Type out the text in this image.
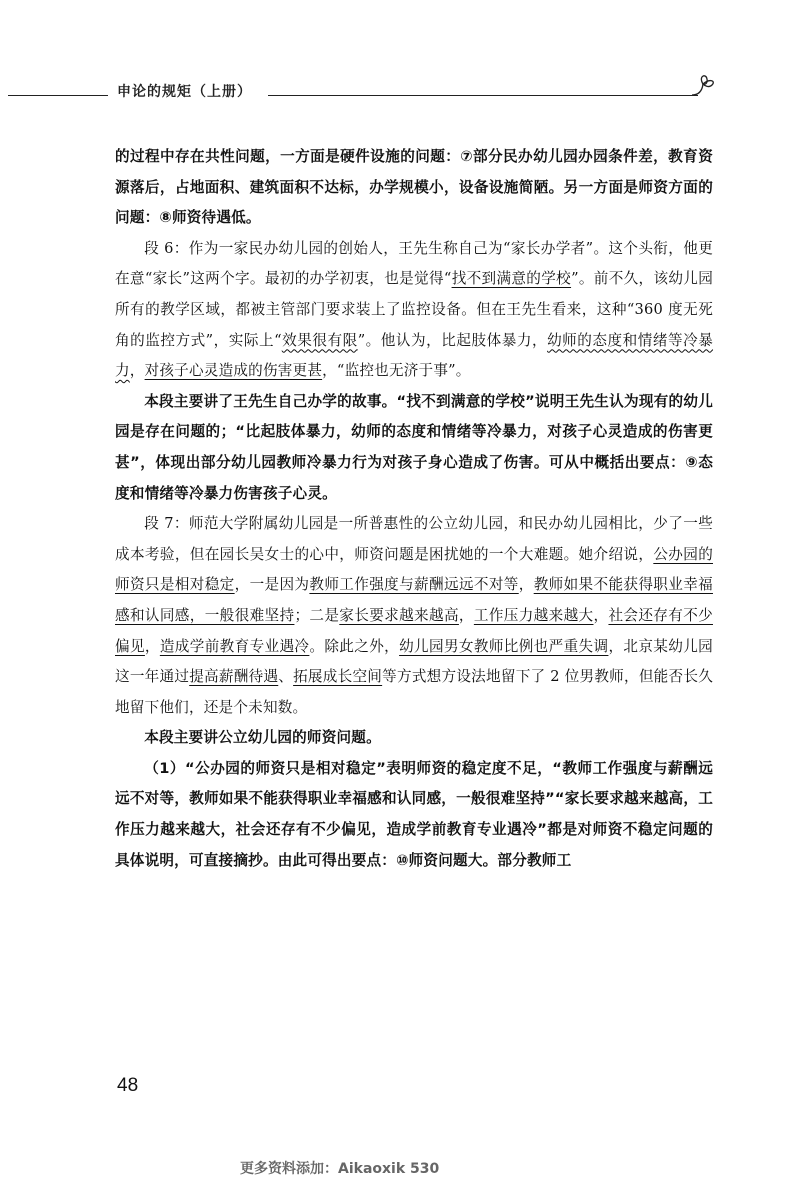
申论的规矩（上册）

的过程中存在共性问题，一方面是硬件设施的问题：⑦部分民办幼儿园办园条件差，教育资源落后，占地面积、建筑面积不达标，办学规模小，设备设施简陋。另一方面是师资方面的问题：⑧师资待遇低。

段 6：作为一家民办幼儿园的创始人，王先生称自己为“家长办学者”。这个头衔，他更在意“家长”这两个字。最初的办学初衷，也是觉得“找不到满意的学校”。前不久，该幼儿园所有的教学区域，都被主管部门要求装上了监控设备。但在王先生看来，这种“360 度无死角的监控方式”，实际上“效果很有限”。他认为，比起肢体暴力，幼师的态度和情绪等冷暴力，对孩子心灵造成的伤害更甚，“监控也无济于事”。

本段主要讲了王先生自己办学的故事。“找不到满意的学校”说明王先生认为现有的幼儿园是存在问题的；“比起肢体暴力，幼师的态度和情绪等冷暴力，对孩子心灵造成的伤害更甚”，体现出部分幼儿园教师冷暴力行为对孩子身心造成了伤害。可从中概括出要点：⑨态度和情绪等冷暴力伤害孩子心灵。

段 7：师范大学附属幼儿园是一所普惠性的公立幼儿园，和民办幼儿园相比，少了一些成本考验，但在园长吴女士的心中，师资问题是困扰她的一个大难题。她介绍说，公办园的师资只是相对稳定，一是因为教师工作强度与薪酬远远不对等，教师如果不能获得职业幸福感和认同感，一般很难坚持；二是家长要求越来越高，工作压力越来越大，社会还存有不少偏见，造成学前教育专业遇冷。除此之外，幼儿园男女教师比例也严重失调，北京某幼儿园这一年通过提高薪酬待遇、拓展成长空间等方式想方设法地留下了 2 位男教师，但能否长久地留下他们，还是个未知数。

本段主要讲公立幼儿园的师资问题。

（1）“公办园的师资只是相对稳定”表明师资的稳定度不足，“教师工作强度与薪酬远远不对等，教师如果不能获得职业幸福感和认同感，一般很难坚持”“家长要求越来越高，工作压力越来越大，社会还存有不少偏见，造成学前教育专业遇冷”都是对师资不稳定问题的具体说明，可直接摘抄。由此可得出要点：⑩师资问题大。部分教师工

48
更多资料添加：Aikaoxik 530
